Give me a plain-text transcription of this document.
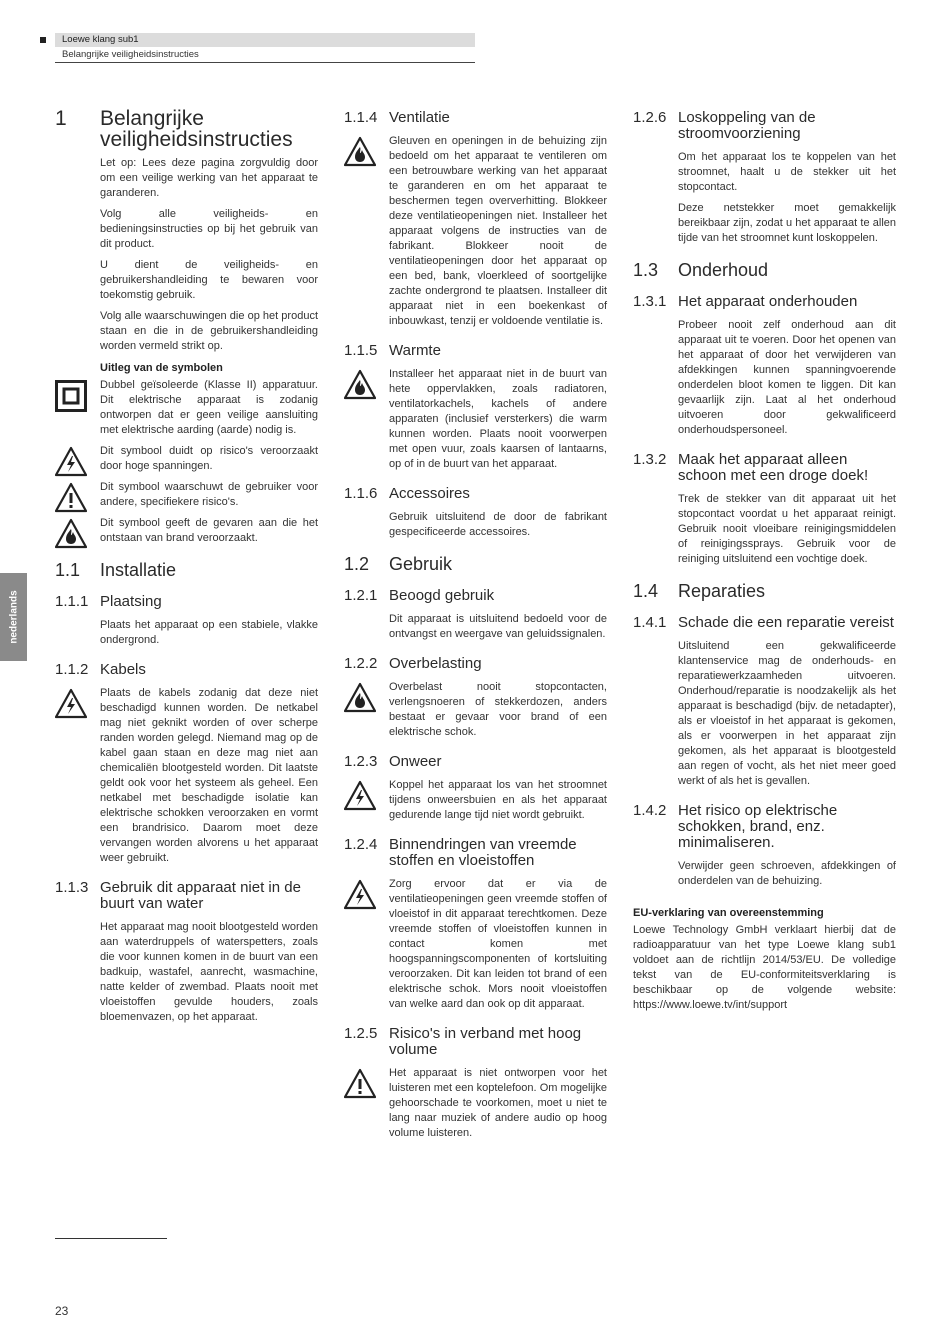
Loewe klang sub1
Belangrijke veiligheidsinstructies
nederlands
1 Belangrijke veiligheidsinstructies

Let op: Lees deze pagina zorgvuldig door om een veilige werking van het apparaat te garanderen.

Volg alle veiligheids- en bedieningsinstructies op bij het gebruik van dit product.

U dient de veiligheids- en gebruikershandleiding te bewaren voor toekomstig gebruik.

Volg alle waarschuwingen die op het product staan en die in de gebruikershandleiding worden vermeld strikt op.

Uitleg van de symbolen

Dubbel geïsoleerde (Klasse II) apparatuur. Dit elektrische apparaat is zodanig ontworpen dat er geen veilige aansluiting met elektrische aarding (aarde) nodig is.

Dit symbool duidt op risico's veroorzaakt door hoge spanningen.

Dit symbool waarschuwt de gebruiker voor andere, specifiekere risico's.

Dit symbool geeft de gevaren aan die het ontstaan van brand veroorzaakt.

1.1 Installatie
1.1.1 Plaatsing

Plaats het apparaat op een stabiele, vlakke ondergrond.

1.1.2 Kabels

Plaats de kabels zodanig dat deze niet beschadigd kunnen worden. De netkabel mag niet geknikt worden of over scherpe randen worden gelegd. Niemand mag op de kabel gaan staan en deze mag niet aan chemicaliën blootgesteld worden. Dit laatste geldt ook voor het systeem als geheel. Een netkabel met beschadigde isolatie kan elektrische schokken veroorzaken en vormt een brandrisico. Daarom moet deze vervangen worden alvorens u het apparaat weer gebruikt.

1.1.3 Gebruik dit apparaat niet in de buurt van water

Het apparaat mag nooit blootgesteld worden aan waterdruppels of waterspetters, zoals die voor kunnen komen in de buurt van een badkuip, wastafel, aanrecht, wasmachine, natte kelder of zwembad. Plaats nooit met vloeistoffen gevulde houders, zoals bloemenvazen, op het apparaat.

1.1.4 Ventilatie

Gleuven en openingen in de behuizing zijn bedoeld om het apparaat te ventileren om een betrouwbare werking van het apparaat te garanderen en om het apparaat te beschermen tegen oververhitting. Blokkeer deze ventilatieopeningen niet. Installeer het apparaat volgens de instructies van de fabrikant. Blokkeer nooit de ventilatieopeningen door het apparaat op een bed, bank, vloerkleed of soortgelijke zachte ondergrond te plaatsen. Installeer dit apparaat niet in een boekenkast of inbouwkast, tenzij er voldoende ventilatie is.

1.1.5 Warmte

Installeer het apparaat niet in de buurt van hete oppervlakken, zoals radiatoren, ventilatorkachels, kachels of andere apparaten (inclusief versterkers) die warm kunnen worden. Plaats nooit voorwerpen met open vuur, zoals kaarsen of lantaarns, op of in de buurt van het apparaat.

1.1.6 Accessoires

Gebruik uitsluitend de door de fabrikant gespecificeerde accessoires.

1.2 Gebruik
1.2.1 Beoogd gebruik

Dit apparaat is uitsluitend bedoeld voor de ontvangst en weergave van geluidssignalen.

1.2.2 Overbelasting

Overbelast nooit stopcontacten, verlengsnoeren of stekkerdozen, anders bestaat er gevaar voor brand of een elektrische schok.

1.2.3 Onweer

Koppel het apparaat los van het stroomnet tijdens onweersbuien en als het apparaat gedurende lange tijd niet wordt gebruikt.

1.2.4 Binnendringen van vreemde stoffen en vloeistoffen

Zorg ervoor dat er via de ventilatieopeningen geen vreemde stoffen of vloeistof in dit apparaat terechtkomen. Deze vreemde stoffen of vloeistoffen kunnen in contact komen met hoogspanningscomponenten of kortsluiting veroorzaken. Dit kan leiden tot brand of een elektrische schok. Mors nooit vloeistoffen van welke aard dan ook op dit apparaat.

1.2.5 Risico's in verband met hoog volume

Het apparaat is niet ontworpen voor het luisteren met een koptelefoon. Om mogelijke gehoorschade te voorkomen, moet u niet te lang naar muziek of andere audio op hoog volume luisteren.

1.2.6 Loskoppeling van de stroomvoorziening

Om het apparaat los te koppelen van het stroomnet, haalt u de stekker uit het stopcontact.

Deze netstekker moet gemakkelijk bereikbaar zijn, zodat u het apparaat te allen tijde van het stroomnet kunt loskoppelen.

1.3 Onderhoud
1.3.1 Het apparaat onderhouden

Probeer nooit zelf onderhoud aan dit apparaat uit te voeren. Door het openen van het apparaat of door het verwijderen van afdekkingen kunnen spanningvoerende onderdelen bloot komen te liggen. Dit kan gevaarlijk zijn. Laat al het onderhoud uitvoeren door gekwalificeerd onderhoudspersoneel.

1.3.2 Maak het apparaat alleen schoon met een droge doek!

Trek de stekker van dit apparaat uit het stopcontact voordat u het apparaat reinigt. Gebruik nooit vloeibare reinigingsmiddelen of reinigingssprays. Gebruik voor de reiniging uitsluitend een vochtige doek.

1.4 Reparaties
1.4.1 Schade die een reparatie vereist

Uitsluitend een gekwalificeerde klantenservice mag de onderhouds- en reparatiewerkzaamheden uitvoeren. Onderhoud/reparatie is noodzakelijk als het apparaat is beschadigd (bijv. de netadapter), als er vloeistof in het apparaat is gekomen, als er voorwerpen in het apparaat zijn gekomen, als het apparaat is blootgesteld aan regen of vocht, als het niet meer goed werkt of als het is gevallen.

1.4.2 Het risico op elektrische schokken, brand, enz. minimaliseren.

Verwijder geen schroeven, afdekkingen of onderdelen van de behuizing.

EU-verklaring van overeenstemming

Loewe Technology GmbH verklaart hierbij dat de radioapparatuur van het type Loewe klang sub1 voldoet aan de richtlijn 2014/53/EU. De volledige tekst van de EU-conformiteitsverklaring is beschikbaar op de volgende website: https://www.loewe.tv/int/support

23
